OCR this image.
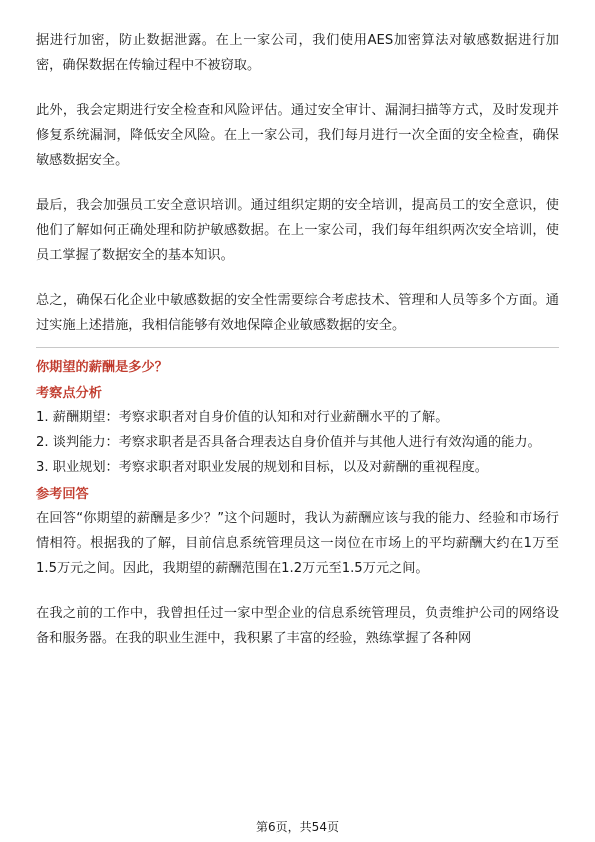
据进行加密，防止数据泄露。在上一家公司，我们使用AES加密算法对敏感数据进行加密，确保数据在传输过程中不被窃取。

此外，我会定期进行安全检查和风险评估。通过安全审计、漏洞扫描等方式，及时发现并修复系统漏洞，降低安全风险。在上一家公司，我们每月进行一次全面的安全检查，确保敏感数据安全。

最后，我会加强员工安全意识培训。通过组织定期的安全培训，提高员工的安全意识，使他们了解如何正确处理和防护敏感数据。在上一家公司，我们每年组织两次安全培训，使员工掌握了数据安全的基本知识。

总之，确保石化企业中敏感数据的安全性需要综合考虑技术、管理和人员等多个方面。通过实施上述措施，我相信能够有效地保障企业敏感数据的安全。

你期望的薪酬是多少？
考察点分析

1. 薪酬期望：考察求职者对自身价值的认知和对行业薪酬水平的了解。

2. 谈判能力：考察求职者是否具备合理表达自身价值并与其他人进行有效沟通的能力。

3. 职业规划：考察求职者对职业发展的规划和目标，以及对薪酬的重视程度。

参考回答

在回答“你期望的薪酬是多少？”这个问题时，我认为薪酬应该与我的能力、经验和市场行情相符。根据我的了解，目前信息系统管理员这一岗位在市场上的平均薪酬大约在1万至1.5万元之间。因此，我期望的薪酬范围在1.2万元至1.5万元之间。

在我之前的工作中，我曾担任过一家中型企业的信息系统管理员，负责维护公司的网络设备和服务器。在我的职业生涯中，我积累了丰富的经验，熟练掌握了各种网

第6页，共54页
